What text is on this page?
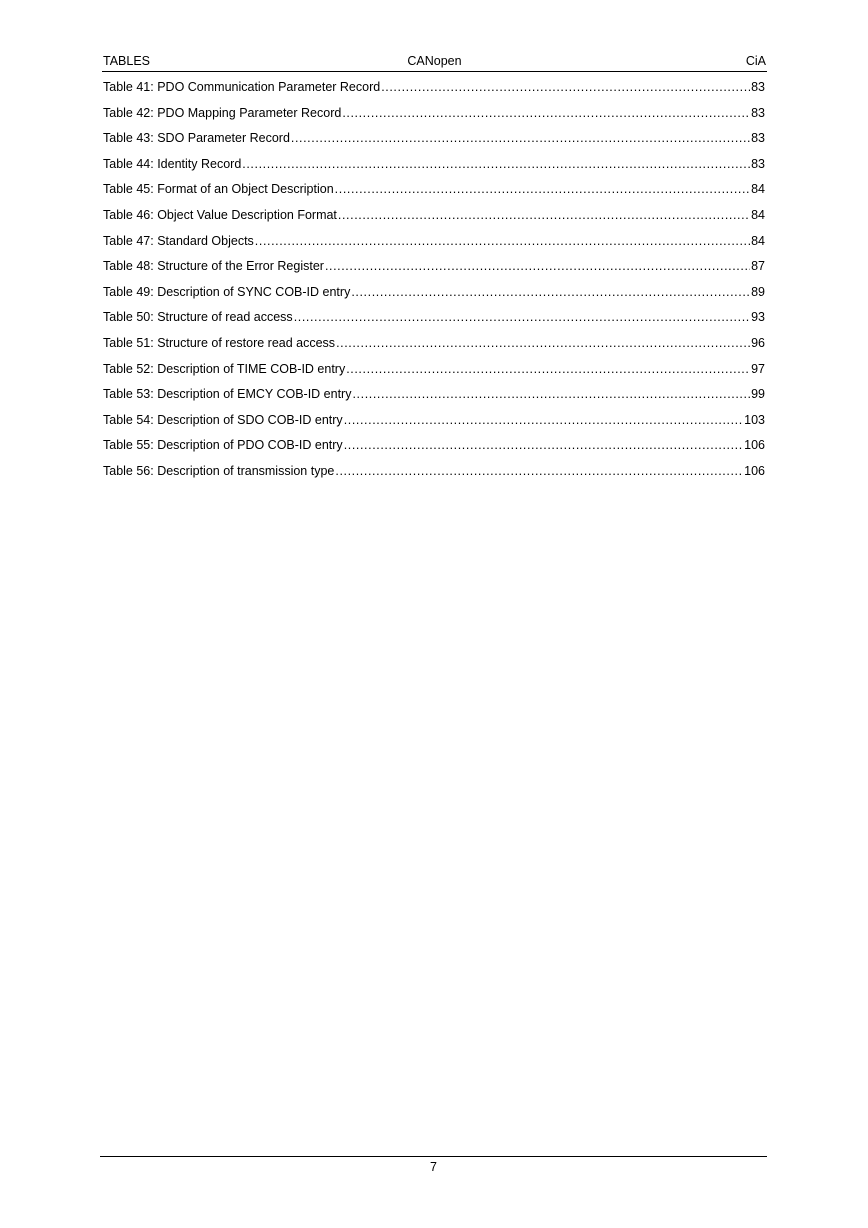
TABLES	CANopen	CiA
Table 41: PDO Communication Parameter Record .....	83
Table 42: PDO Mapping Parameter Record .....	83
Table 43: SDO Parameter Record .....	83
Table 44: Identity Record .....	83
Table 45: Format of an Object Description .....	84
Table 46: Object Value Description Format .....	84
Table 47: Standard Objects .....	84
Table 48: Structure of the Error Register .....	87
Table 49: Description of SYNC COB-ID entry .....	89
Table 50: Structure of read access .....	93
Table 51: Structure of restore read access .....	96
Table 52: Description of TIME COB-ID entry .....	97
Table 53: Description of EMCY COB-ID entry .....	99
Table 54: Description of SDO COB-ID entry .....	103
Table 55: Description of PDO COB-ID entry .....	106
Table 56: Description of transmission type .....	106
7
